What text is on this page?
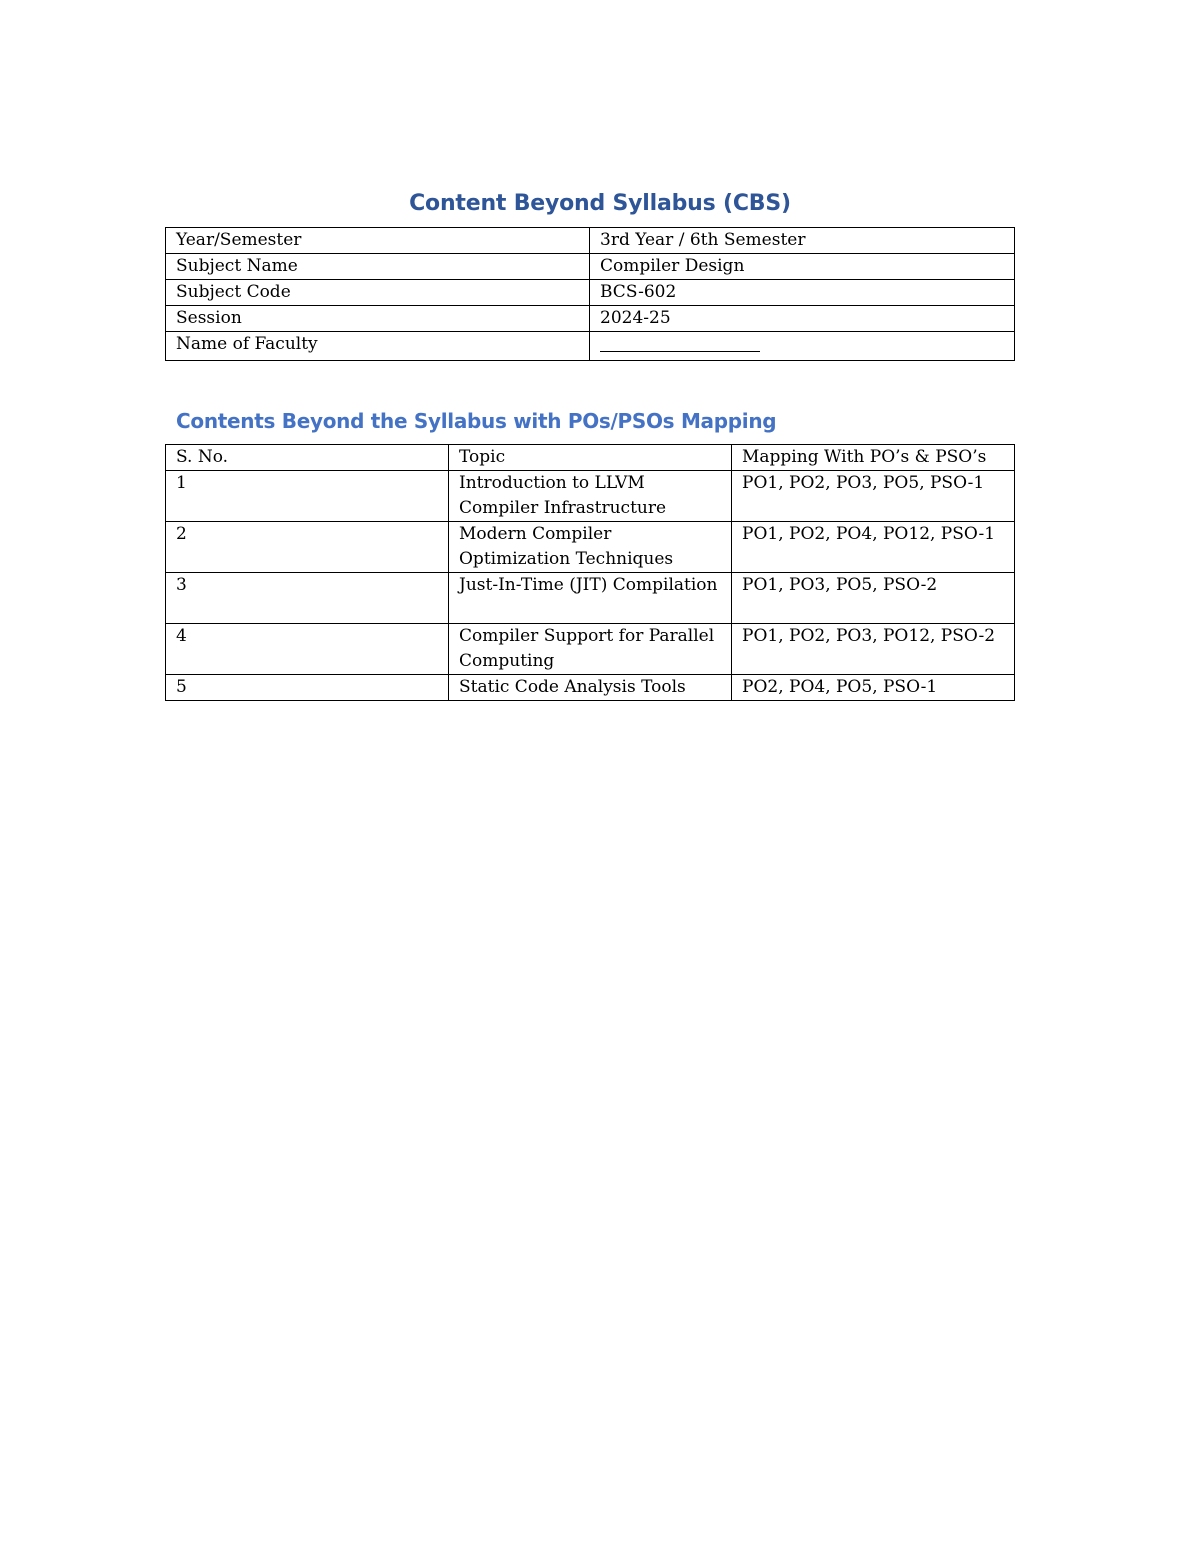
Content Beyond Syllabus (CBS)
Year/Semester	3rd Year / 6th Semester
Subject Name	Compiler Design
Subject Code	BCS-602
Session	2024-25
Name of Faculty	
Contents Beyond the Syllabus with POs/PSOs Mapping
S. No.	Topic	Mapping With PO’s & PSO’s
1	Introduction to LLVM Compiler Infrastructure	PO1, PO2, PO3, PO5, PSO-1
2	Modern Compiler Optimization Techniques	PO1, PO2, PO4, PO12, PSO-1
3	Just-In-Time (JIT) Compilation	PO1, PO3, PO5, PSO-2
4	Compiler Support for Parallel Computing	PO1, PO2, PO3, PO12, PSO-2
5	Static Code Analysis Tools	PO2, PO4, PO5, PSO-1
